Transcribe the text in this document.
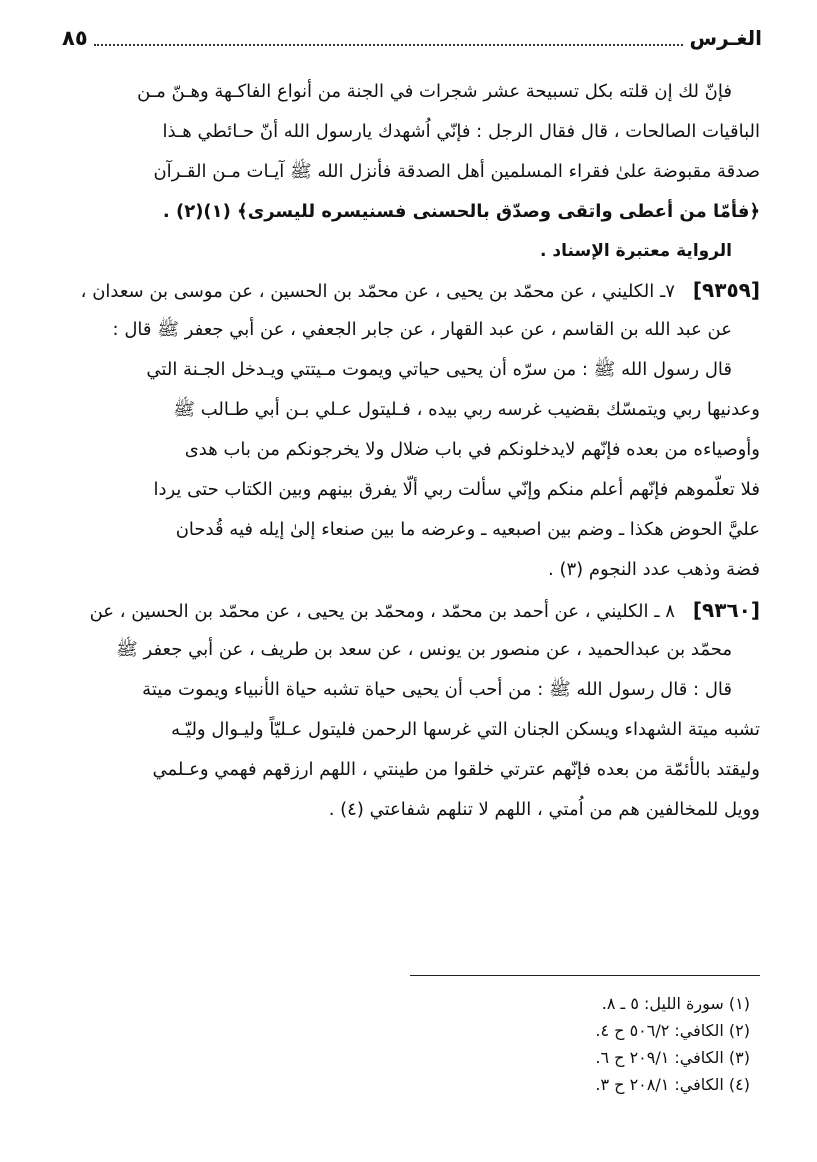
الغـرس
٨٥
فإنّ لك إن قلته بكل تسبيحة عشر شجرات في الجنة من أنواع الفاكـهة وهـنّ مـن
الباقيات الصالحات ، قال فقال الرجل : فإنّي اُشهدك يارسول الله أنّ حـائطي هـذا
صدقة مقبوضة علىٰ فقراء المسلمين أهل الصدقة فأنزل الله ﷺ آيـات مـن القـرآن
﴿فأمّا من أعطى واتقى وصدّق بالحسنى فسنيسره لليسرى﴾ (١)(٢) .
الرواية معتبرة الإسناد .
[٩٣٥٩]٧ـ الكليني ، عن محمّد بن يحيى ، عن محمّد بن الحسين ، عن موسى بن سعدان ،
عن عبد الله بن القاسم ، عن عبد القهار ، عن جابر الجعفي ، عن أبي جعفر ﷺ قال :
قال رسول الله ﷺ : من سرّه أن يحيى حياتي ويموت مـيتتي ويـدخل الجـنة التي
وعدنيها ربي ويتمسّك بقضيب غرسه ربي بيده ، فـليتول عـلي بـن أبي طـالب ﷺ
وأوصياءه من بعده فإنّهم لايدخلونكم في باب ضلال ولا يخرجونكم من باب هدى
فلا تعلّموهم فإنّهم أعلم منكم وإنّي سألت ربي ألّا يفرق بينهم وبين الكتاب حتى يردا
عليَّ الحوض هكذا ـ وضم بين اصبعيه ـ وعرضه ما بين صنعاء إلىٰ إيله فيه قُدحان
فضة وذهب عدد النجوم (٣) .
[٩٣٦٠]٨ ـ الكليني ، عن أحمد بن محمّد ، ومحمّد بن يحيى ، عن محمّد بن الحسين ، عن
محمّد بن عبدالحميد ، عن منصور بن يونس ، عن سعد بن طريف ، عن أبي جعفر ﷺ
قال : قال رسول الله ﷺ : من أحب أن يحيى حياة تشبه حياة الأنبياء ويموت ميتة
تشبه ميتة الشهداء ويسكن الجنان التي غرسها الرحمن فليتول عـليّاً وليـوال وليّـه
وليقتد بالأئمّة من بعده فإنّهم عترتي خلقوا من طينتي ، اللهم ارزقهم فهمي وعـلمي
وويل للمخالفين هم من اُمتي ، اللهم لا تنلهم شفاعتي (٤) .
(١) سورة الليل: ٥ ـ ٨.
(٢) الكافي: ٥٠٦/٢ ح ٤.
(٣) الكافي: ٢٠٩/١ ح ٦.
(٤) الكافي: ٢٠٨/١ ح ٣.
